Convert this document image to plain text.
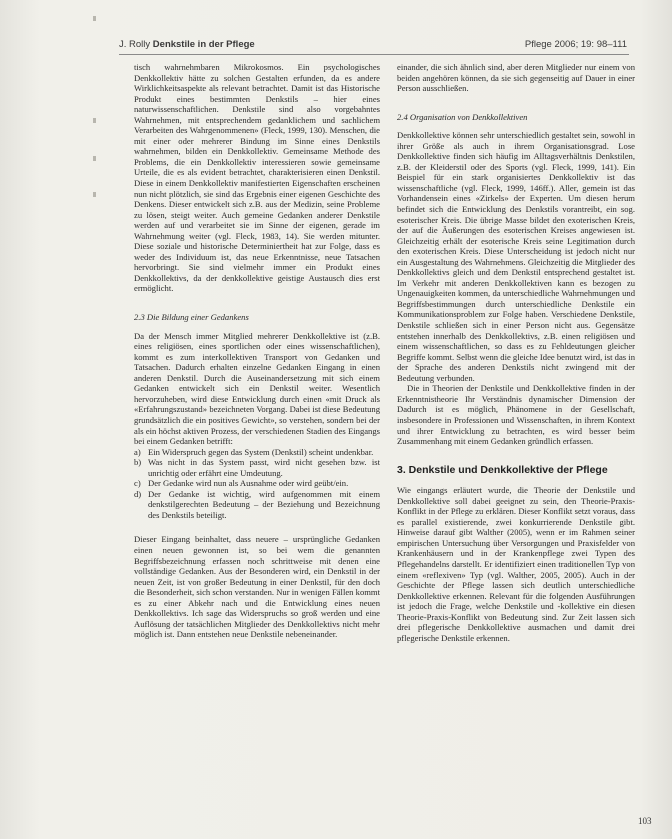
J. Rolly Denkstile in der Pflege	Pflege 2006; 19: 98–111

tisch wahrnehmbaren Mikrokosmos. Ein psychologisches Denkkollektiv hätte zu solchen Gestalten erfunden, da es andere Wirklichkeitsaspekte als relevant betrachtet. Damit ist das Historische Produkt eines bestimmten Denkstils – hier eines naturwissenschaftlichen. Denkstile sind also vorgebahntes Wahrnehmen, mit entsprechendem gedanklichem und sachlichem Verarbeiten des Wahrgenommenen» (Fleck, 1999, 130). Menschen, die mit einer oder mehrerer Bindung im Sinne eines Denkstils wahrnehmen, bilden ein Denkkollektiv. Gemeinsame Methode des Problems, die ein Denkkollektiv interessieren sowie gemeinsame Urteile, die es als evident betrachtet, charakterisieren einen Denkstil. Diese in einem Denkkollektiv manifestierten Eigenschaften erscheinen nun nicht plötzlich, sie sind das Ergebnis einer eigenen Geschichte des Denkens. Dieser entwickelt sich z.B. aus der Medizin, seine Probleme zu lösen, steigt weiter. Auch gemeine Gedanken anderer Denkstile werden auf und verarbeitet sie im Sinne der eigenen, gerade im Wahrnehmung weiter (vgl. Fleck, 1983, 14). Sie werden mitunter. Diese soziale und historische Determiniertheit hat zur Folge, dass es weder des Individuum ist, das neue Erkenntnisse, neue Tatsachen hervorbringt. Sie sind vielmehr immer ein Produkt eines Denkkollektivs, da der denkkollektive geistige Austausch dies erst ermöglicht.

2.3 Die Bildung einer Gedankens

Da der Mensch immer Mitglied mehrerer Denkkollektive ist (z.B. eines religiösen, eines sportlichen oder eines wissenschaftlichen), kommt es zum interkollektiven Transport von Gedanken und Tatsachen. Dadurch erhalten einzelne Gedanken Eingang in einen anderen Denkstil. Durch die Auseinandersetzung mit sich einem Gedanken entwickelt sich ein Denkstil weiter. Wesentlich hervorzuheben, wird diese Entwicklung durch einen «mit Druck als «Erfahrungszustand» bezeichneten Vorgang. Dabei ist diese Bedeutung grundsätzlich die ein positives Gewicht», so verstehen, sondern bei der als ein höchst aktiven Prozess, der verschiedenen Stadien des Eingangs bei einem Gedanken betrifft:

a) Ein Widerspruch gegen das System (Denkstil) scheint undenkbar.
b) Was nicht in das System passt, wird nicht gesehen bzw. ist unrichtig oder erfährt eine Umdeutung.
c) Der Gedanke wird nun als Ausnahme oder wird geübt/ein.
d) Der Gedanke ist wichtig, wird aufgenommen mit einem denkstilgerechten Bedeutung – der Beziehung und Bezeichnung des Denkstils beteiligt.

Dieser Eingang beinhaltet, dass neuere – ursprüngliche Gedanken einen neuen gewonnen ist, so bei wem die genannten Begriffsbezeichnung erfassen noch schrittweise mit denen eine vollständige Gedanken. Aus der Besonderen wird, ein Denkstil in der neuen Zeit, ist von großer Bedeutung in einer Denkstil, für den doch die Besonderheit, sich schon verstanden. Nur in wenigen Fällen kommt es zu einer Abkehr nach und die Entwicklung eines neuen Denkkollektivs. Ich sage das Widerspruchs so groß werden und eine Auflösung der tatsächlichen Mitglieder des Denkkollektivs nicht mehr möglich ist. Dann entstehen neue Denkstile nebeneinander.

einander, die sich ähnlich sind, aber deren Mitglieder nur einem von beiden angehören können, da sie sich gegenseitig auf Dauer in einer Person ausschließen.

2.4 Organisation von Denkkollektiven

Denkkollektive können sehr unterschiedlich gestaltet sein, sowohl in ihrer Größe als auch in ihrem Organisationsgrad. Lose Denkkollektive finden sich häufig im Alltagsverhältnis Denkstilen, z.B. der Kleiderstil oder des Sports (vgl. Fleck, 1999, 141). Ein Beispiel für ein stark organisiertes Denkkollektiv ist das wissenschaftliche (vgl. Fleck, 1999, 146ff.). Aller, gemein ist das Vorhandensein eines «Zirkels» der Experten. Um diesen herum befindet sich die Entwicklung des Denkstils vorantreibt, ein sog. esoterischer Kreis. Die übrige Masse bildet den exoterischen Kreis, der auf die Äußerungen des esoterischen Kreises angewiesen ist. Gleichzeitig erhält der esoterische Kreis seine Legitimation durch den exoterischen Kreis. Diese Unterscheidung ist jedoch nicht nur ein Ausgestaltung des Wahrnehmens. Gleichzeitig die Mitglieder des Denkkollektivs gleich und dem Denkstil entsprechend gestaltet ist. Im Verkehr mit anderen Denkkollektiven kann es bezogen zu Ungenauigkeiten kommen, da unterschiedliche Wahrnehmungen und Begriffsbestimmungen durch unterschiedliche Denkstile ein Kommunikationsproblem zur Folge haben. Verschiedene Denkstile, Denkstile schließen sich in einer Person nicht aus. Gegensätze entstehen innerhalb des Denkkollektivs, z.B. einen religiösen und einem wissenschaftlichen, so dass es zu Fehldeutungen gleicher Begriffe kommt. Selbst wenn die gleiche Idee benutzt wird, ist das in der Sprache des anderen Denkstils nicht zwingend mit der Bedeutung verbunden.

Die in Theorien der Denkstile und Denkkollektive finden in der Erkenntnistheorie Ihr Verständnis dynamischer Dimension der Dadurch ist es möglich, Phänomene in der Gesellschaft, insbesondere in Professionen und Wissenschaften, in ihrem Kontext und ihrer Entwicklung zu betrachten, es wird besser beim Zusammenhang mit einem Gedanken gründlich erfassen.

3. Denkstile und Denkkollektive der Pflege

Wie eingangs erläutert wurde, die Theorie der Denkstile und Denkkollektive soll dabei geeignet zu sein, den Theorie-Praxis-Konflikt in der Pflege zu erklären. Dieser Konflikt setzt voraus, dass es parallel existierende, zwei konkurrierende Denkstile gibt. Hinweise darauf gibt Walther (2005), wenn er im Rahmen seiner empirischen Untersuchung über Versorgungen und Praxisfelder von Krankenhäusern und in der Krankenpflege zwei Typen des Pflegehandelns darstellt. Er identifiziert einen traditionellen Typ von einem «reflexiven» Typ (vgl. Walther, 2005, 2005). Auch in der Geschichte der Pflege lassen sich deutlich unterschiedliche Denkkollektive erkennen. Relevant für die folgenden Ausführungen ist jedoch die Frage, welche Denkstile und -kollektive ein diesen Theorie-Praxis-Konflikt von Bedeutung sind. Zur Zeit lassen sich drei pflegerische Denkkollektive ausmachen und damit drei pflegerische Denkstile erkennen.

103
